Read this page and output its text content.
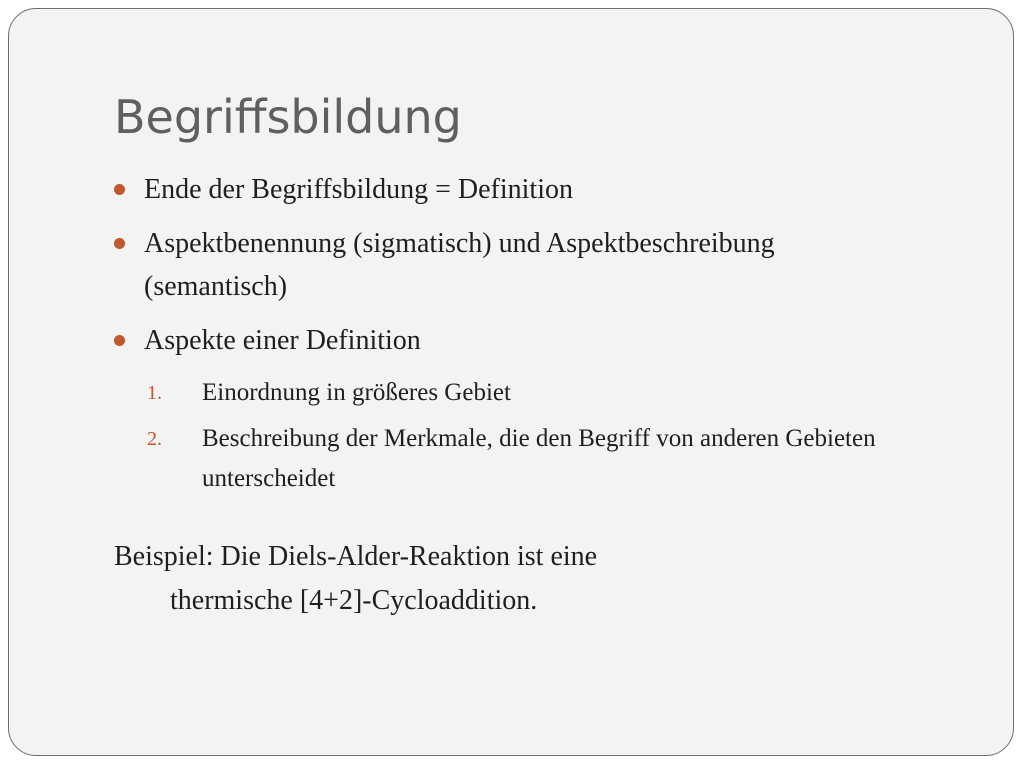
Begriffsbildung
Ende der Begriffsbildung = Definition
Aspektbenennung (sigmatisch) und Aspektbeschreibung (semantisch)
Aspekte einer Definition
1. Einordnung in größeres Gebiet
2. Beschreibung der Merkmale, die den Begriff von anderen Gebieten unterscheidet
Beispiel: Die Diels-Alder-Reaktion ist eine
thermische [4+2]-Cycloaddition.
